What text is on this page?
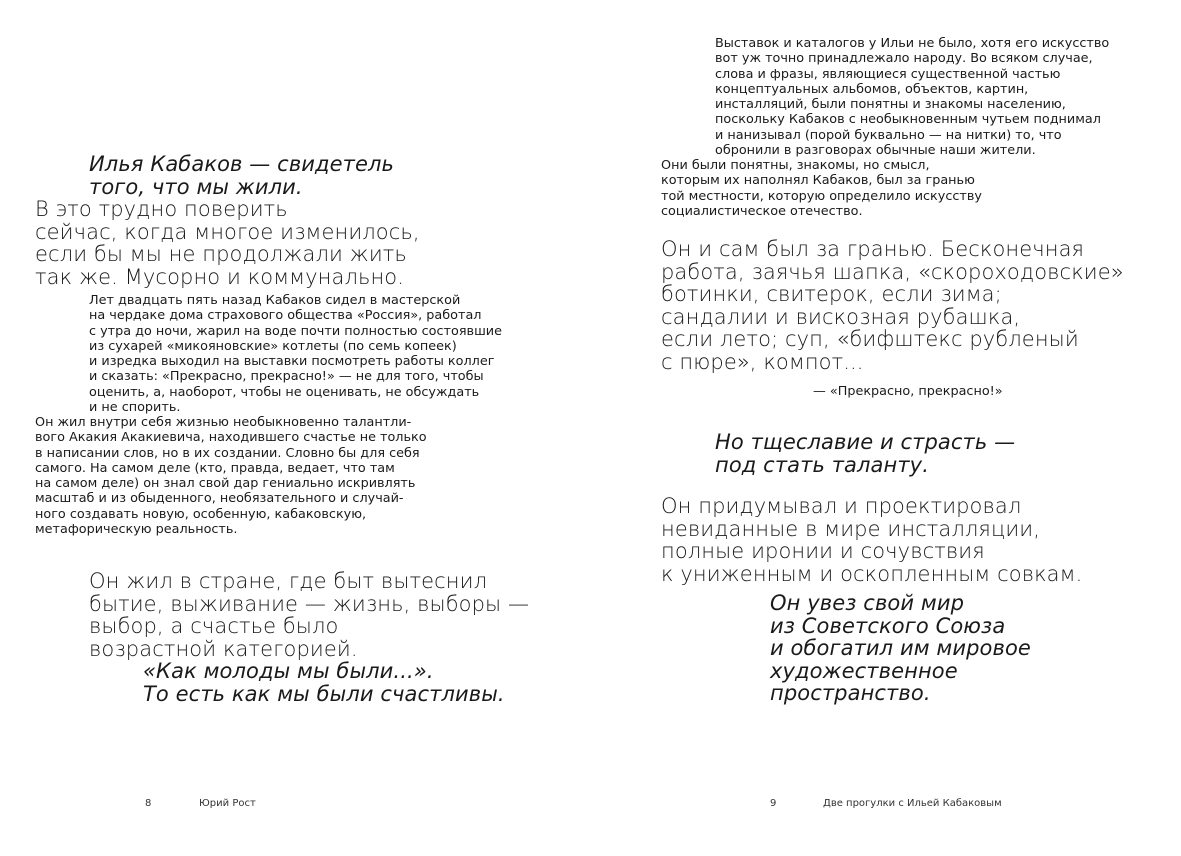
Илья Кабаков — свидетель
того, что мы жили.
В это трудно поверить
сейчас, когда многое изменилось,
если бы мы не продолжали жить
так же. Мусорно и коммунально.
Лет двадцать пять назад Кабаков сидел в мастерской
на чердаке дома страхового общества «Россия», работал
с утра до ночи, жарил на воде почти полностью состоявшие
из сухарей «микояновские» котлеты (по семь копеек)
и изредка выходил на выставки посмотреть работы коллег
и сказать: «Прекрасно, прекрасно!» — не для того, чтобы
оценить, а, наоборот, чтобы не оценивать, не обсуждать
и не спорить.
Он жил внутри себя жизнью необыкновенно талантли-
вого Акакия Акакиевича, находившего счастье не только
в написании слов, но в их создании. Словно бы для себя
самого. На самом деле (кто, правда, ведает, что там
на самом деле) он знал свой дар гениально искривлять
масштаб и из обыденного, необязательного и случай-
ного создавать новую, особенную, кабаковскую,
метафорическую реальность.
Он жил в стране, где быт вытеснил
бытие, выживание — жизнь, выборы —
выбор, а счастье было
возрастной категорией.
«Как молоды мы были...».
То есть как мы были счастливы.
8	Юрий Рост
Выставок и каталогов у Ильи не было, хотя его искусство
вот уж точно принадлежало народу. Во всяком случае,
слова и фразы, являющиеся существенной частью
концептуальных альбомов, объектов, картин,
инсталляций, были понятны и знакомы населению,
поскольку Кабаков с необыкновенным чутьем поднимал
и нанизывал (порой буквально — на нитки) то, что
обронили в разговорах обычные наши жители.
Они были понятны, знакомы, но смысл,
которым их наполнял Кабаков, был за гранью
той местности, которую определило искусству
социалистическое отечество.
Он и сам был за гранью. Бесконечная
работа, заячья шапка, «скороходовские»
ботинки, свитерок, если зима;
сандалии и вискозная рубашка,
если лето; суп, «бифштекс рубленый
с пюре», компот...
— «Прекрасно, прекрасно!»
Но тщеславие и страсть —
под стать таланту.
Он придумывал и проектировал
невиданные в мире инсталляции,
полные иронии и сочувствия
к униженным и оскопленным совкам.
Он увез свой мир
из Советского Союза
и обогатил им мировое
художественное
пространство.
9	Две прогулки с Ильей Кабаковым
